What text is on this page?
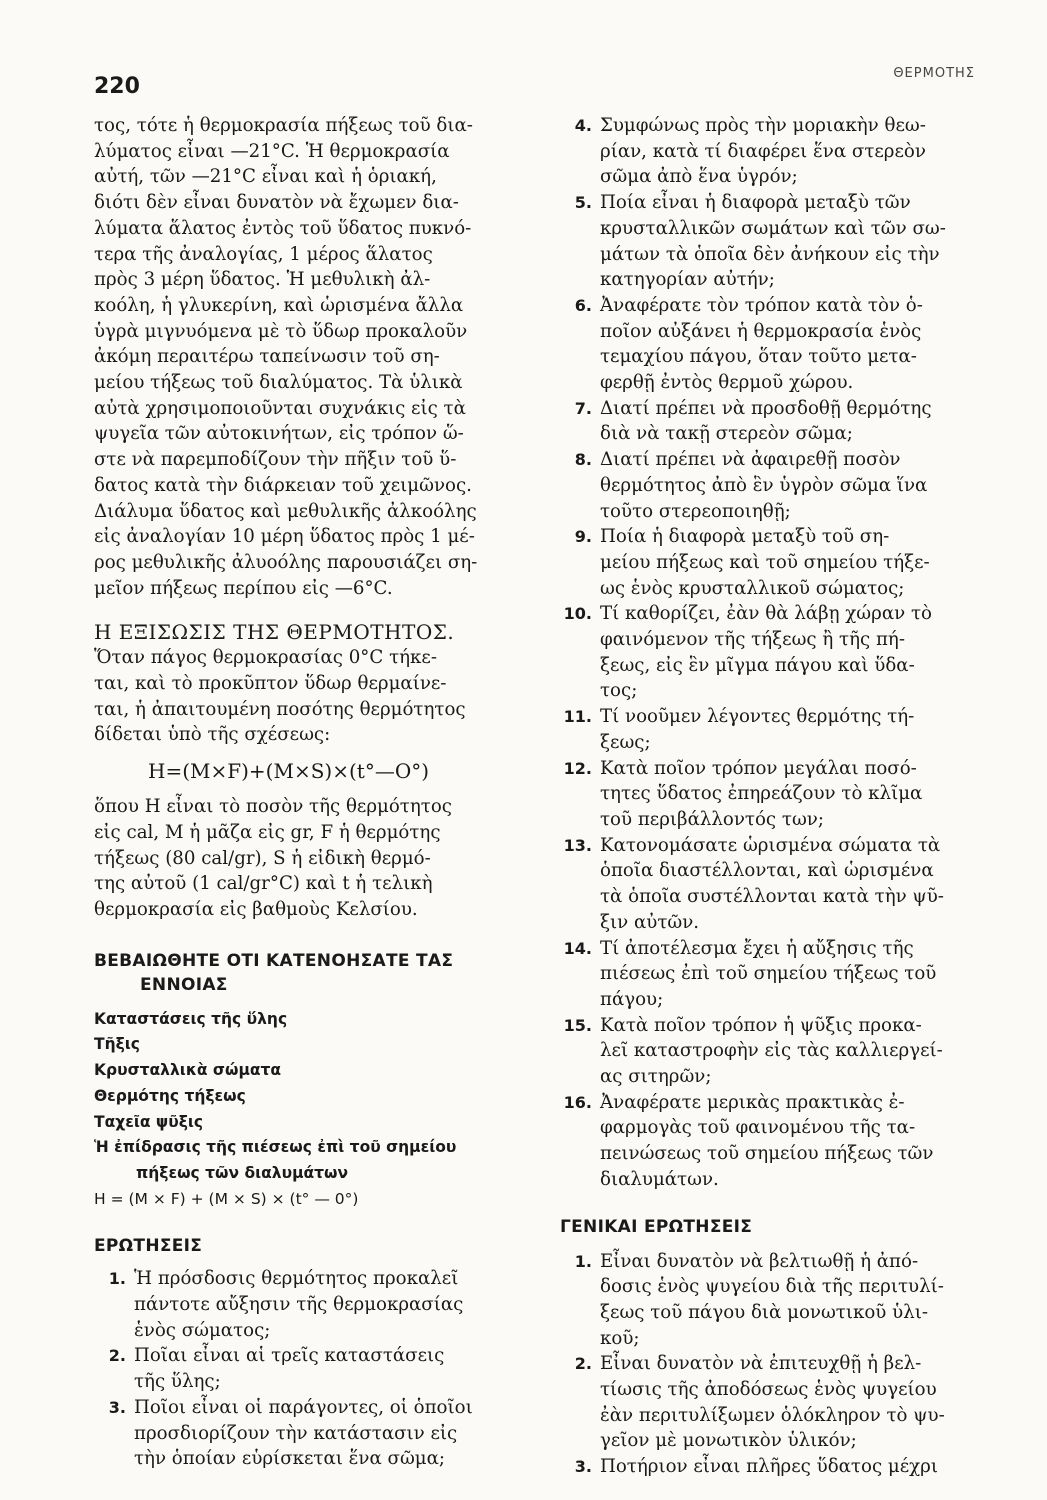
220
ΘΕΡΜΟΤΗΣ

τος, τότε ἡ θερμοκρασία πήξεως τοῦ δια-
λύματος εἶναι —21°C. Ἡ θερμοκρασία
αὐτή, τῶν —21°C εἶναι καὶ ἡ ὁριακή,
διότι δὲν εἶναι δυνατὸν νὰ ἔχωμεν δια-
λύματα ἅλατος ἐντὸς τοῦ ὕδατος πυκνό-
τερα τῆς ἀναλογίας, 1 μέρος ἅλατος
πρὸς 3 μέρη ὕδατος. Ἡ μεθυλικὴ ἀλ-
κοόλη, ἡ γλυκερίνη, καὶ ὡρισμένα ἄλλα
ὑγρὰ μιγνυόμενα μὲ τὸ ὕδωρ προκαλοῦν
ἀκόμη περαιτέρω ταπείνωσιν τοῦ ση-
μείου τήξεως τοῦ διαλύματος. Τὰ ὑλικὰ
αὐτὰ χρησιμοποιοῦνται συχνάκις εἰς τὰ
ψυγεῖα τῶν αὐτοκινήτων, εἰς τρόπον ὥ-
στε νὰ παρεμποδίζουν τὴν πῆξιν τοῦ ὕ-
δατος κατὰ τὴν διάρκειαν τοῦ χειμῶνος.
Διάλυμα ὕδατος καὶ μεθυλικῆς ἀλκοόλης
εἰς ἀναλογίαν 10 μέρη ὕδατος πρὸς 1 μέ-
ρος μεθυλικῆς ἀλυοόλης παρουσιάζει ση-
μεῖον πήξεως περίπου εἰς —6°C.

Η ΕΞΙΣΩΣΙΣ ΤΗΣ ΘΕΡΜΟΤΗΤΟΣ.

Ὅταν πάγος θερμοκρασίας 0°C τήκε-
ται, καὶ τὸ προκῦπτον ὕδωρ θερμαίνε-
ται, ἡ ἀπαιτουμένη ποσότης θερμότητος
δίδεται ὑπὸ τῆς σχέσεως:

H=(M×F)+(M×S)×(t°—O°)

ὅπου H εἶναι τὸ ποσὸν τῆς θερμότητος
εἰς cal, M ἡ μᾶζα εἰς gr, F ἡ θερμότης
τήξεως (80 cal/gr), S ἡ εἰδικὴ θερμό-
της αὐτοῦ (1 cal/gr°C) καὶ t ἡ τελικὴ
θερμοκρασία εἰς βαθμοὺς Κελσίου.

ΒΕΒΑΙΩΘΗΤΕ ΟΤΙ ΚΑΤΕΝΟΗΣΑΤΕ ΤΑΣ
ΕΝΝΟΙΑΣ
Καταστάσεις τῆς ὕλης
Τῆξις
Κρυσταλλικὰ σώματα
Θερμότης τήξεως
Ταχεῖα ψῦξις
Ἡ ἐπίδρασις τῆς πιέσεως ἐπὶ τοῦ σημείου
πήξεως τῶν διαλυμάτων
H = (M × F) + (M × S) × (t° — 0°)
ΕΡΩΤΗΣΕΙΣ
1. Ἡ πρόσδοσις θερμότητος προκαλεῖ
πάντοτε αὔξησιν τῆς θερμοκρασίας
ἑνὸς σώματος;
2. Ποῖαι εἶναι αἱ τρεῖς καταστάσεις
τῆς ὕλης;
3. Ποῖοι εἶναι οἱ παράγοντες, οἱ ὁποῖοι
προσδιορίζουν τὴν κατάστασιν εἰς
τὴν ὁποίαν εὑρίσκεται ἕνα σῶμα;
4. Συμφώνως πρὸς τὴν μοριακὴν θεω-
ρίαν, κατὰ τί διαφέρει ἕνα στερεὸν
σῶμα ἀπὸ ἕνα ὑγρόν;
5. Ποία εἶναι ἡ διαφορὰ μεταξὺ τῶν
κρυσταλλικῶν σωμάτων καὶ τῶν σω-
μάτων τὰ ὁποῖα δὲν ἀνήκουν εἰς τὴν
κατηγορίαν αὐτήν;
6. Ἀναφέρατε τὸν τρόπον κατὰ τὸν ὁ-
ποῖον αὐξάνει ἡ θερμοκρασία ἑνὸς
τεμαχίου πάγου, ὅταν τοῦτο μετα-
φερθῇ ἐντὸς θερμοῦ χώρου.
7. Διατί πρέπει νὰ προσδοθῇ θερμότης
διὰ νὰ τακῇ στερεὸν σῶμα;
8. Διατί πρέπει νὰ ἀφαιρεθῇ ποσὸν
θερμότητος ἀπὸ ἓν ὑγρὸν σῶμα ἵνα
τοῦτο στερεοποιηθῇ;
9. Ποία ἡ διαφορὰ μεταξὺ τοῦ ση-
μείου πήξεως καὶ τοῦ σημείου τήξε-
ως ἑνὸς κρυσταλλικοῦ σώματος;
10. Τί καθορίζει, ἐὰν θὰ λάβῃ χώραν τὸ
φαινόμενον τῆς τήξεως ἢ τῆς πή-
ξεως, εἰς ἓν μῖγμα πάγου καὶ ὕδα-
τος;
11. Τί νοοῦμεν λέγοντες θερμότης τή-
ξεως;
12. Κατὰ ποῖον τρόπον μεγάλαι ποσό-
τητες ὕδατος ἐπηρεάζουν τὸ κλῖμα
τοῦ περιβάλλοντός των;
13. Κατονομάσατε ὡρισμένα σώματα τὰ
ὁποῖα διαστέλλονται, καὶ ὡρισμένα
τὰ ὁποῖα συστέλλονται κατὰ τὴν ψῦ-
ξιν αὐτῶν.
14. Τί ἀποτέλεσμα ἔχει ἡ αὔξησις τῆς
πιέσεως ἐπὶ τοῦ σημείου τήξεως τοῦ
πάγου;
15. Κατὰ ποῖον τρόπον ἡ ψῦξις προκα-
λεῖ καταστροφὴν εἰς τὰς καλλιεργεί-
ας σιτηρῶν;
16. Ἀναφέρατε μερικὰς πρακτικὰς ἐ-
φαρμογὰς τοῦ φαινομένου τῆς τα-
πεινώσεως τοῦ σημείου πήξεως τῶν
διαλυμάτων.
ΓΕΝΙΚΑΙ ΕΡΩΤΗΣΕΙΣ
1. Εἶναι δυνατὸν νὰ βελτιωθῇ ἡ ἀπό-
δοσις ἑνὸς ψυγείου διὰ τῆς περιτυλί-
ξεως τοῦ πάγου διὰ μονωτικοῦ ὑλι-
κοῦ;
2. Εἶναι δυνατὸν νὰ ἐπιτευχθῇ ἡ βελ-
τίωσις τῆς ἀποδόσεως ἑνὸς ψυγείου
ἐὰν περιτυλίξωμεν ὁλόκληρον τὸ ψυ-
γεῖον μὲ μονωτικὸν ὑλικόν;
3. Ποτήριον εἶναι πλῆρες ὕδατος μέχρι
